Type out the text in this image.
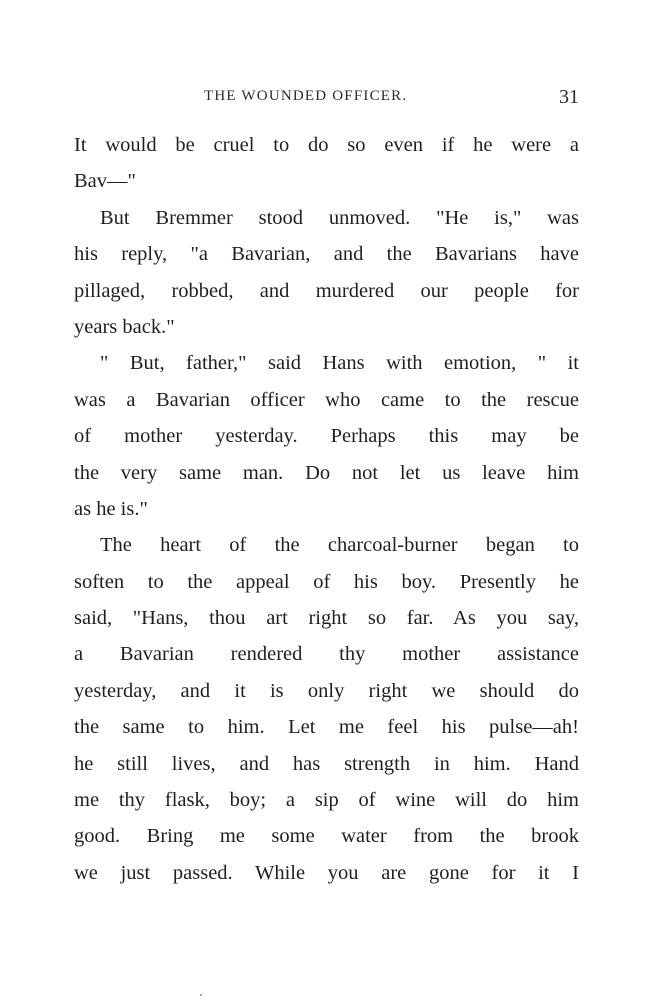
THE WOUNDED OFFICER.	31
It would be cruel to do so even if he were a
Bav—"
But Bremmer stood unmoved. "He is," was
his reply, "a Bavarian, and the Bavarians have
pillaged, robbed, and murdered our people for
years back."
" But, father," said Hans with emotion, " it
was a Bavarian officer who came to the rescue
of mother yesterday. Perhaps this may be
the very same man. Do not let us leave him
as he is."
The heart of the charcoal-burner began to
soften to the appeal of his boy. Presently he
said, "Hans, thou art right so far. As you say,
a Bavarian rendered thy mother assistance
yesterday, and it is only right we should do
the same to him. Let me feel his pulse—ah!
he still lives, and has strength in him. Hand
me thy flask, boy; a sip of wine will do him
good. Bring me some water from the brook
we just passed. While you are gone for it I
